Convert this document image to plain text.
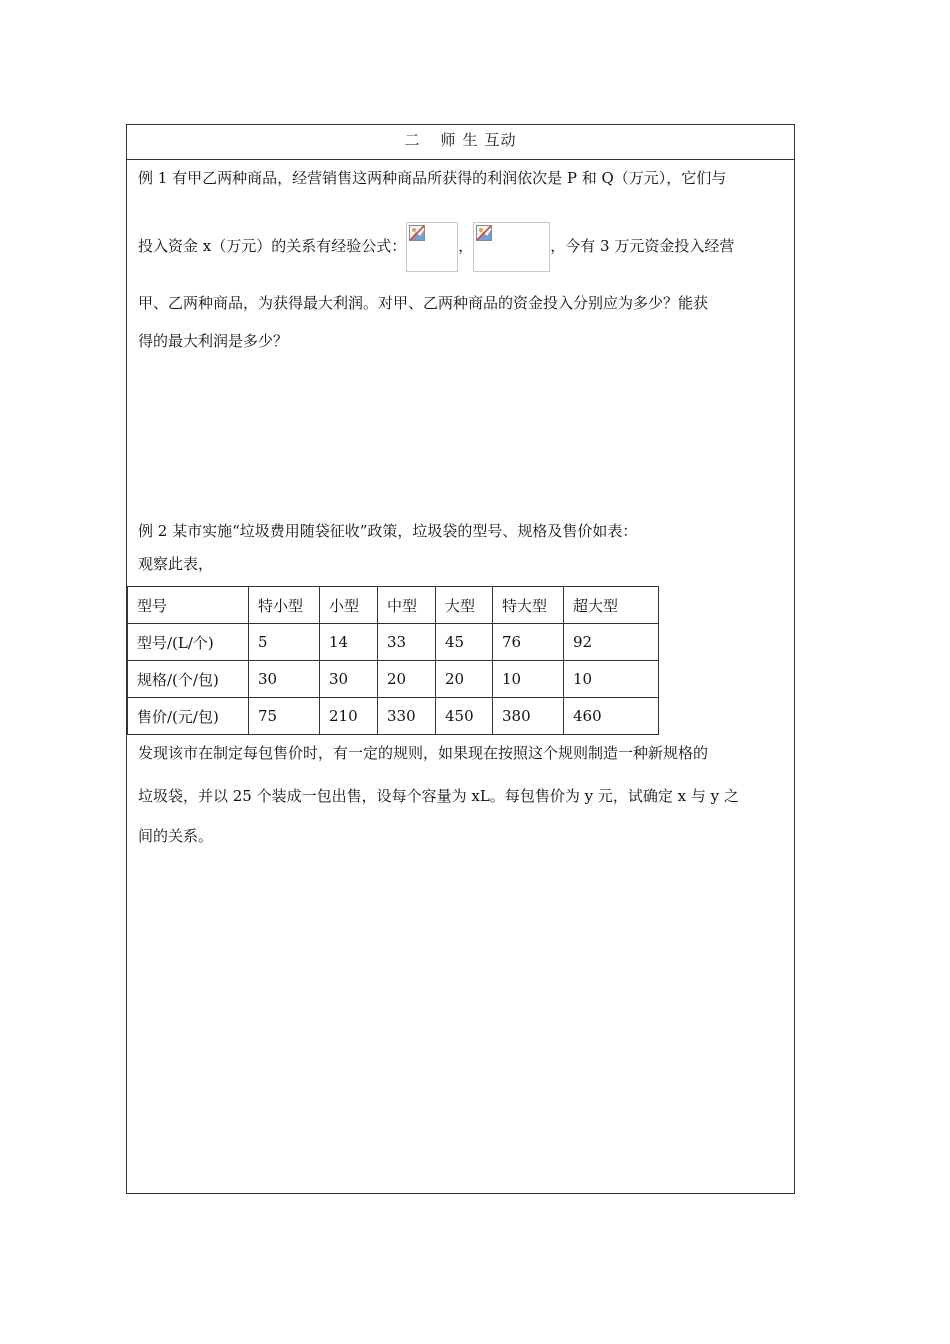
二 师 生 互动
例 1 有甲乙两种商品，经营销售这两种商品所获得的利润依次是 P 和 Q（万元），它们与
投入资金 x（万元）的关系有经验公式：	，	，今有 3 万元资金投入经营
甲、乙两种商品，为获得最大利润。对甲、乙两种商品的资金投入分别应为多少？能获
得的最大利润是多少？
例 2 某市实施“垃圾费用随袋征收”政策，垃圾袋的型号、规格及售价如表：
观察此表，
型号	特小型	小型	中型	大型	特大型	超大型
型号/(L/个)	5	14	33	45	76	92
规格/(个/包)	30	30	20	20	10	10
售价/(元/包)	75	210	330	450	380	460
发现该市在制定每包售价时，有一定的规则，如果现在按照这个规则制造一种新规格的
垃圾袋，并以 25 个装成一包出售，设每个容量为 xL。每包售价为 y 元，试确定 x 与 y 之
间的关系。
